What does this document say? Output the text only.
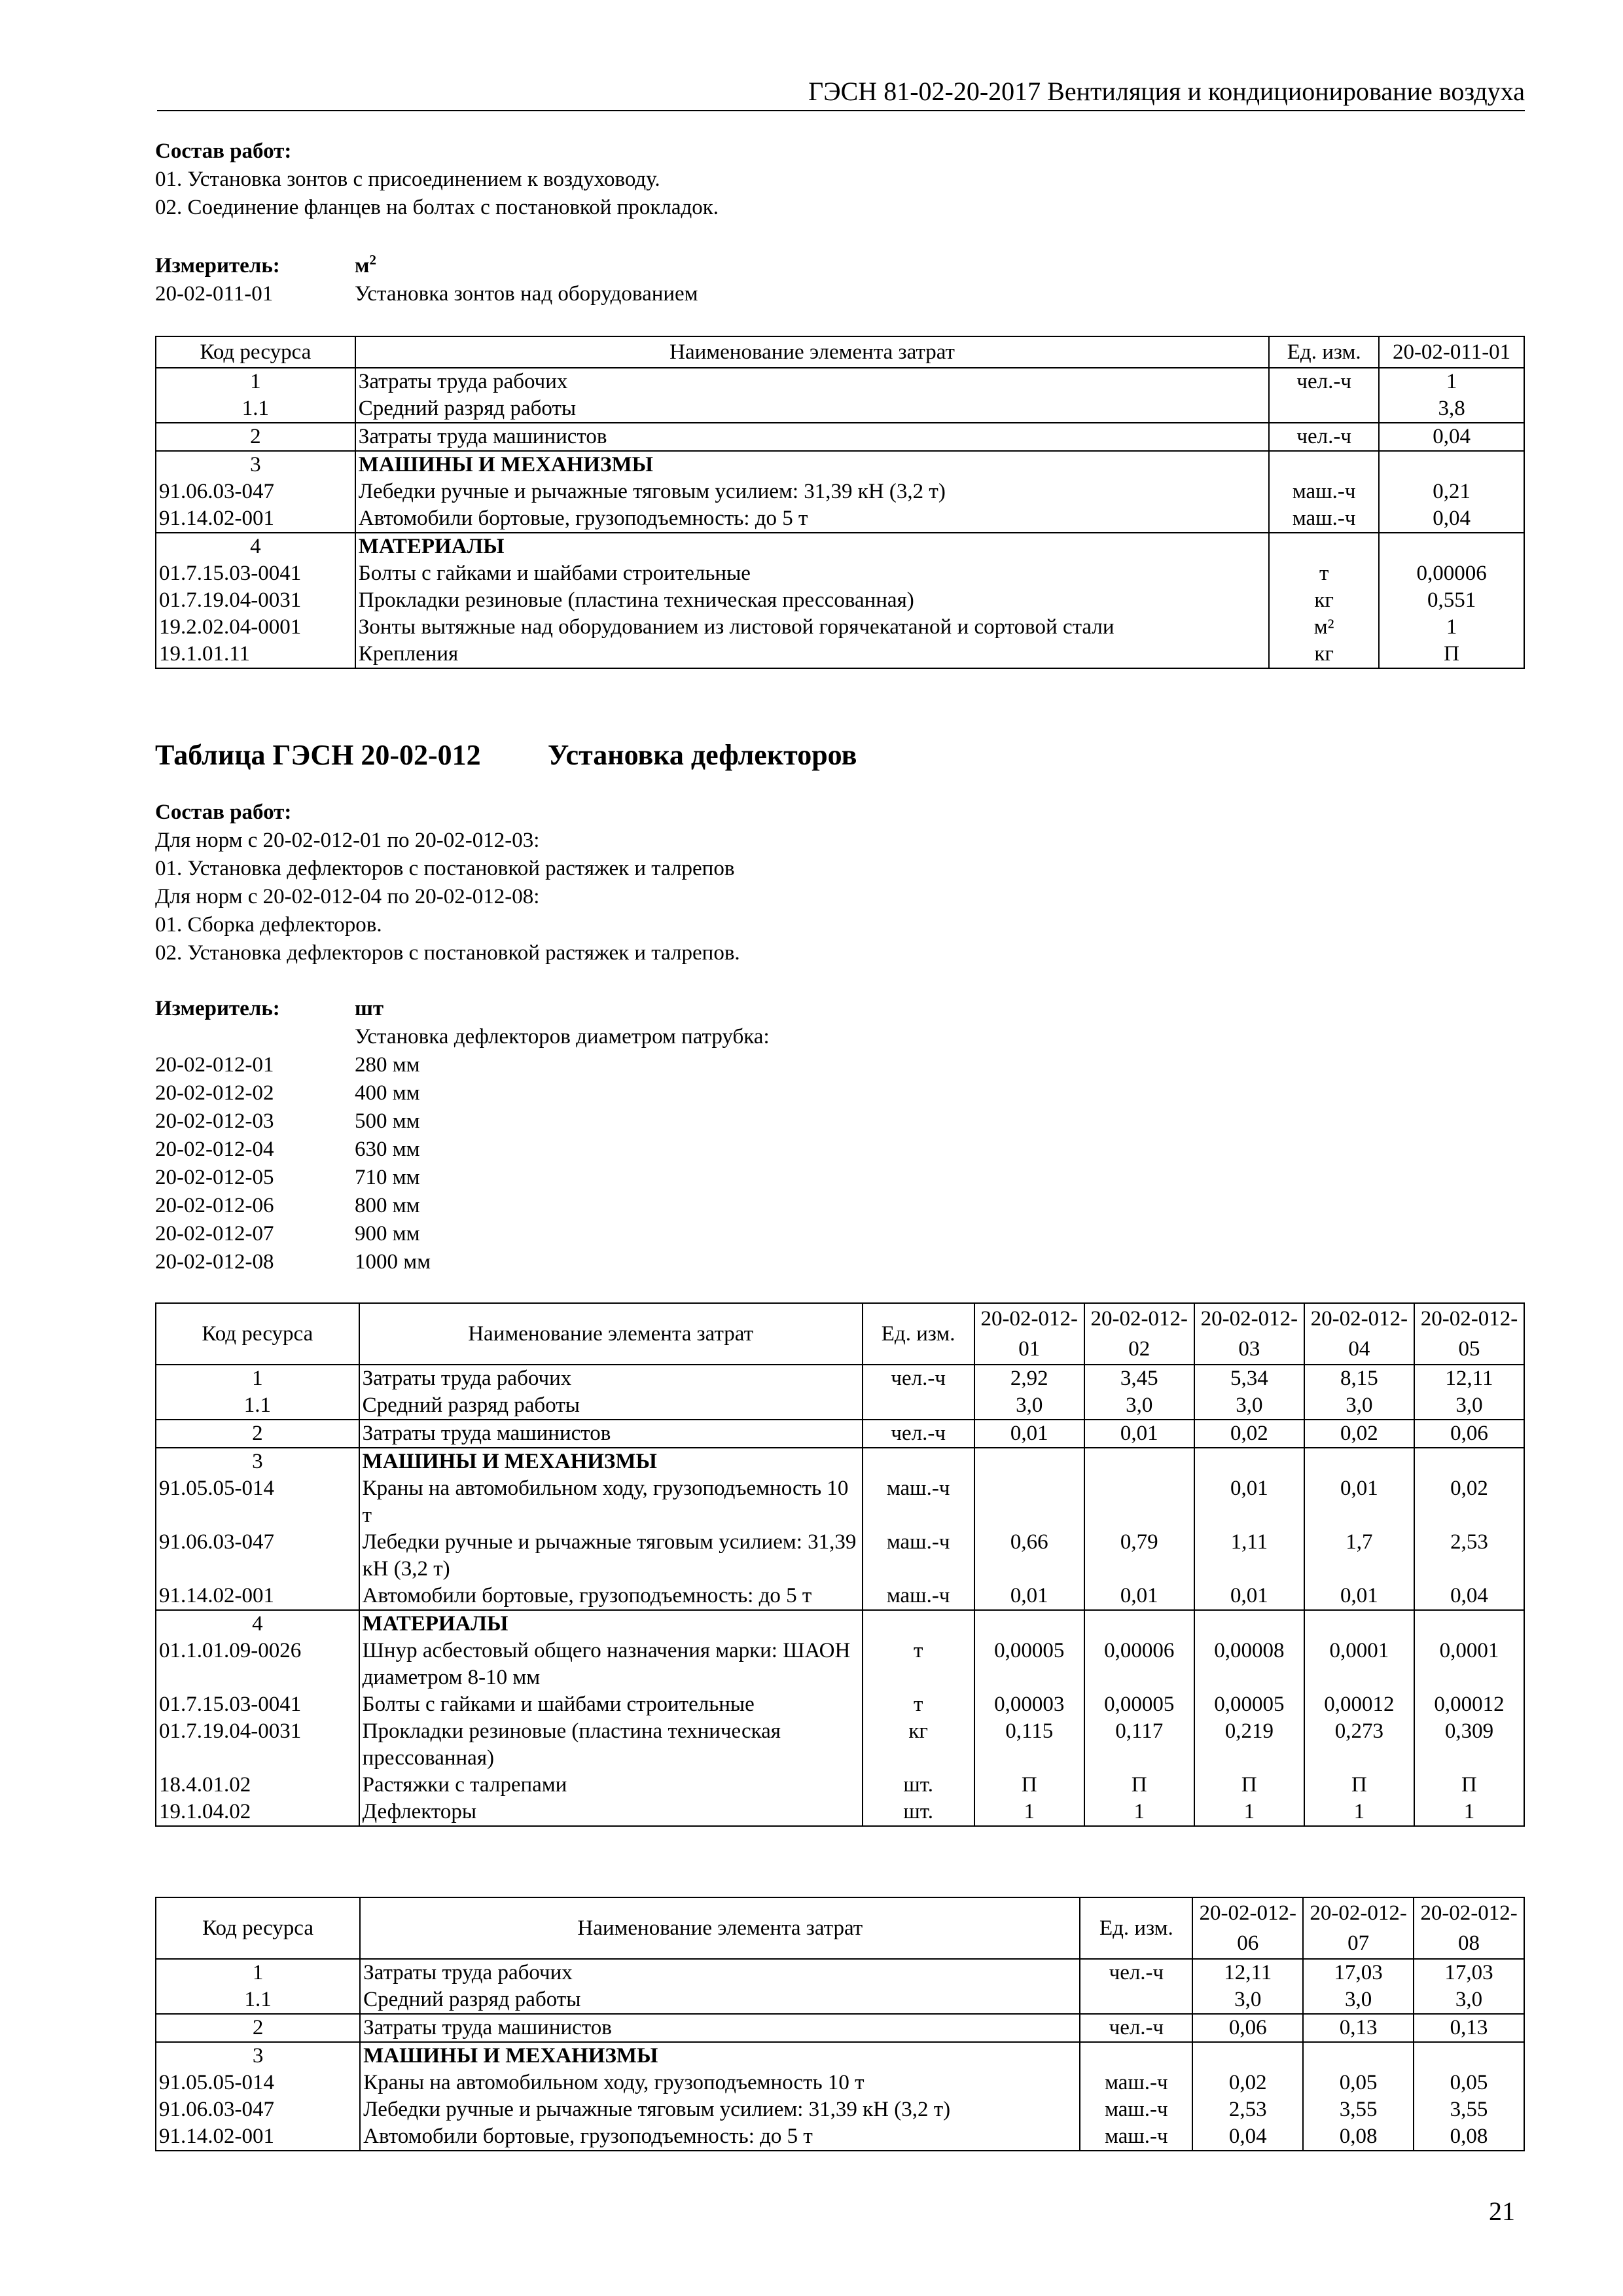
ГЭСН 81-02-20-2017 Вентиляция и кондиционирование воздуха
Состав работ:
01. Установка зонтов с присоединением к воздуховоду.
02. Соединение фланцев на болтах с постановкой прокладок.
Измеритель:	$м^2$
20-02-011-01	Установка зонтов над оборудованием
Код ресурса	Наименование элемента затрат	Ед. изм.	20-02-011-01
1	Затраты труда рабочих	чел.-ч	1
1.1	Средний разряд работы		3,8
2	Затраты труда машинистов	чел.-ч	0,04
3	МАШИНЫ И МЕХАНИЗМЫ		
91.06.03-047	Лебедки ручные и рычажные тяговым усилием: 31,39 кН (3,2 т)	маш.-ч	0,21
91.14.02-001	Автомобили бортовые, грузоподъемность: до 5 т	маш.-ч	0,04
4	МАТЕРИАЛЫ		
01.7.15.03-0041	Болты с гайками и шайбами строительные	т	0,00006
01.7.19.04-0031	Прокладки резиновые (пластина техническая прессованная)	кг	0,551
19.2.02.04-0001	Зонты вытяжные над оборудованием из листовой горячекатаной и сортовой стали	м²	1
19.1.01.11	Крепления	кг	П
Таблица ГЭСН 20-02-012 Установка дефлекторов
Состав работ:
Для норм с 20-02-012-01 по 20-02-012-03:
01. Установка дефлекторов с постановкой растяжек и талрепов
Для норм с 20-02-012-04 по 20-02-012-08:
01. Сборка дефлекторов.
02. Установка дефлекторов с постановкой растяжек и талрепов.
Измеритель:	шт
Установка дефлекторов диаметром патрубка:
20-02-012-01	280 мм
20-02-012-02	400 мм
20-02-012-03	500 мм
20-02-012-04	630 мм
20-02-012-05	710 мм
20-02-012-06	800 мм
20-02-012-07	900 мм
20-02-012-08	1000 мм
Код ресурса	Наименование элемента затрат	Ед. изм.	20-02-012-01	20-02-012-02	20-02-012-03	20-02-012-04	20-02-012-05
1	Затраты труда рабочих	чел.-ч	2,92	3,45	5,34	8,15	12,11
1.1	Средний разряд работы		3,0	3,0	3,0	3,0	3,0
2	Затраты труда машинистов	чел.-ч	0,01	0,01	0,02	0,02	0,06
3	МАШИНЫ И МЕХАНИЗМЫ						
91.05.05-014	Краны на автомобильном ходу, грузоподъемность 10 т	маш.-ч			0,01	0,01	0,02
91.06.03-047	Лебедки ручные и рычажные тяговым усилием: 31,39 кН (3,2 т)	маш.-ч	0,66	0,79	1,11	1,7	2,53
91.14.02-001	Автомобили бортовые, грузоподъемность: до 5 т	маш.-ч	0,01	0,01	0,01	0,01	0,04
4	МАТЕРИАЛЫ						
01.1.01.09-0026	Шнур асбестовый общего назначения марки: ШАОН диаметром 8-10 мм	т	0,00005	0,00006	0,00008	0,0001	0,0001
01.7.15.03-0041	Болты с гайками и шайбами строительные	т	0,00003	0,00005	0,00005	0,00012	0,00012
01.7.19.04-0031	Прокладки резиновые (пластина техническая прессованная)	кг	0,115	0,117	0,219	0,273	0,309
18.4.01.02	Растяжки с талрепами	шт.	П	П	П	П	П
19.1.04.02	Дефлекторы	шт.	1	1	1	1	1
Код ресурса	Наименование элемента затрат	Ед. изм.	20-02-012-06	20-02-012-07	20-02-012-08
1	Затраты труда рабочих	чел.-ч	12,11	17,03	17,03
1.1	Средний разряд работы		3,0	3,0	3,0
2	Затраты труда машинистов	чел.-ч	0,06	0,13	0,13
3	МАШИНЫ И МЕХАНИЗМЫ				
91.05.05-014	Краны на автомобильном ходу, грузоподъемность 10 т	маш.-ч	0,02	0,05	0,05
91.06.03-047	Лебедки ручные и рычажные тяговым усилием: 31,39 кН (3,2 т)	маш.-ч	2,53	3,55	3,55
91.14.02-001	Автомобили бортовые, грузоподъемность: до 5 т	маш.-ч	0,04	0,08	0,08
21
